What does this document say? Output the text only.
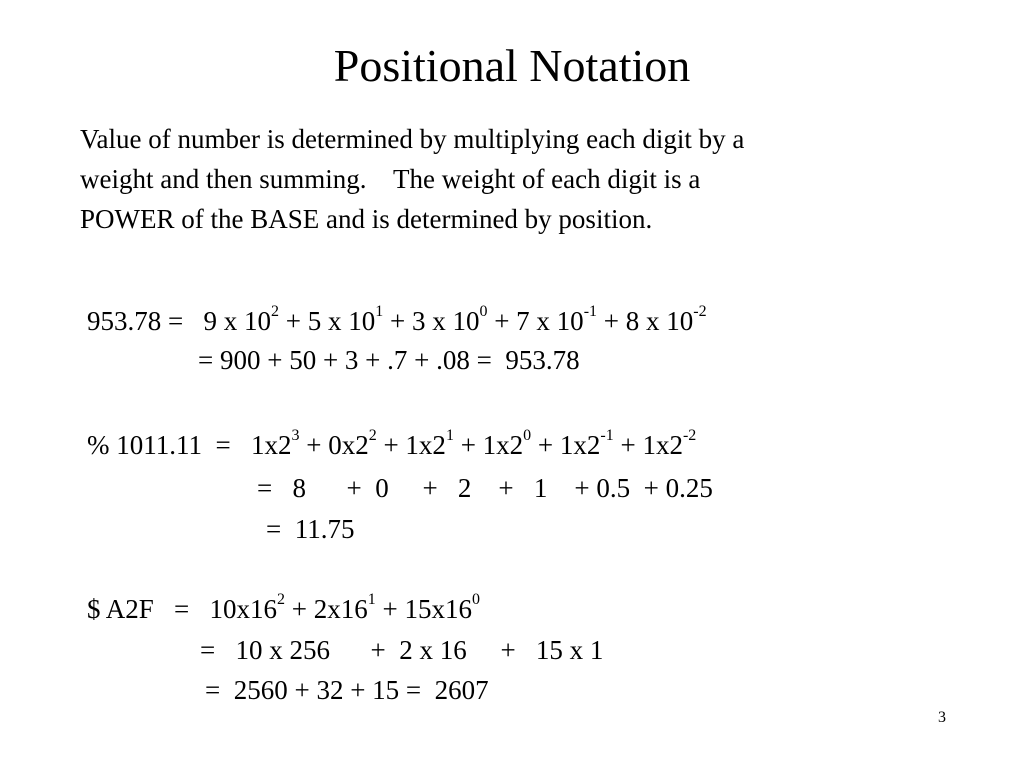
Positional Notation
Value of number is determined by multiplying each digit by a
weight and then summing.    The weight of each digit is a
POWER of the BASE and is determined by position.
953.78 =   9 x $10^2 + 5$ x $10^1 + 3$ x $10^0 + 7$ x $10^{-1} + 8$ x $10^{-2}$
= 900 + 50 + 3 + .7 + .08 =  953.78
% $1011.11 = 1x2^3 + 0x2^2 + 1x2^1 + 1x2^0 + 1x2^{-1} + 1x2^{-2}$
=   8      +  0     +   2    +   1    + 0.5  + 0.25
=  11.75
$ $A2F = 10x16^2 + 2x16^1 + 15x16^0$
=   10 x 256      +  2 x 16     +   15 x 1
=  2560 + 32 + 15 =  2607
3
